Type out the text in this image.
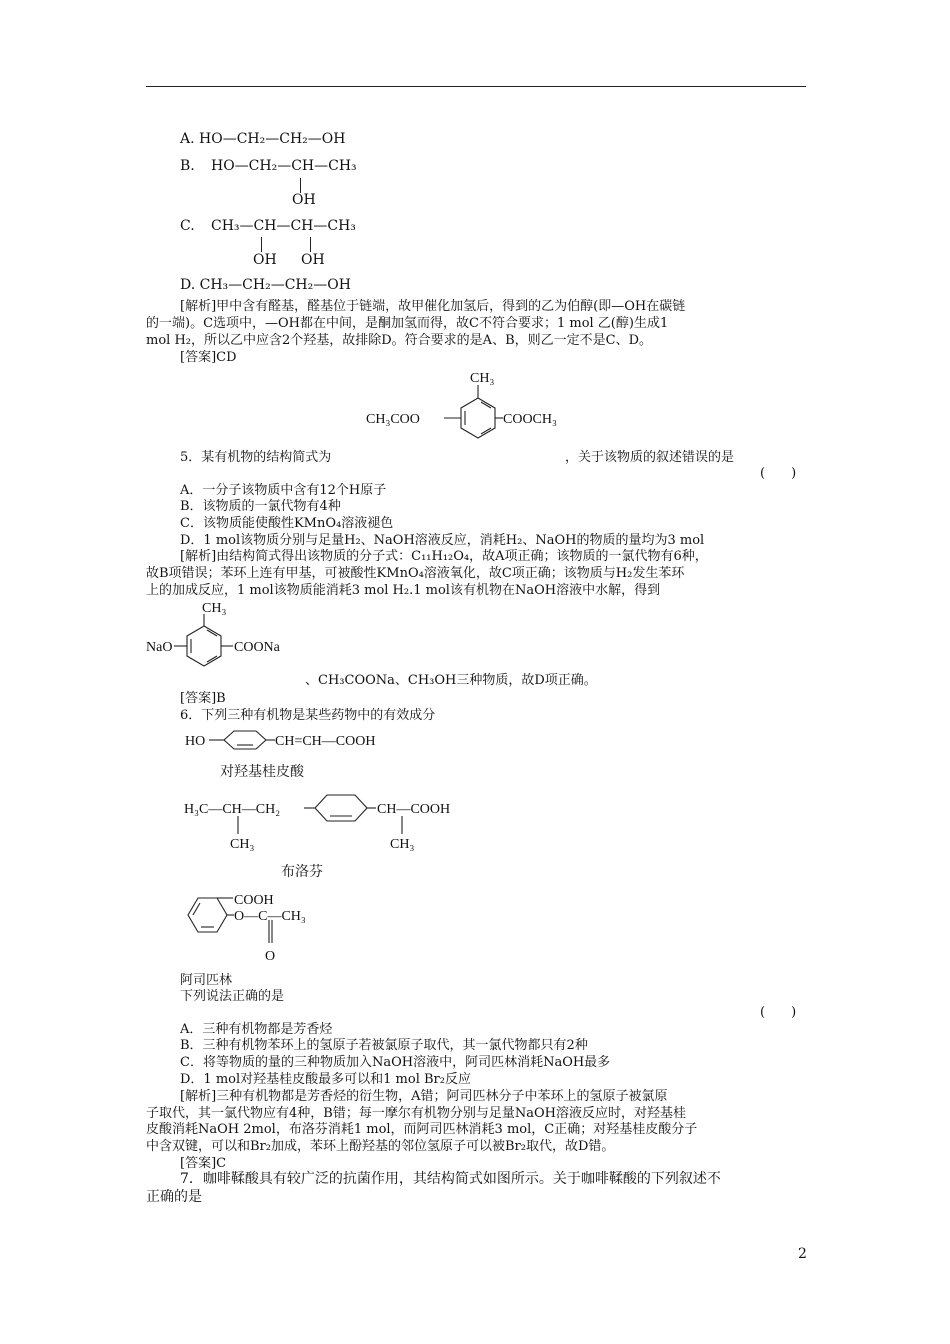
A. HO—CH₂—CH₂—OH
B. HO—CH₂—CH—CH₃
OH
C. CH₃—CH—CH—CH₃
OH OH
D. CH₃—CH₂—CH₂—OH
[解析]甲中含有醛基，醛基位于链端，故甲催化加氢后，得到的乙为伯醇(即—OH在碳链
的一端)。C选项中，—OH都在中间，是酮加氢而得，故C不符合要求；1 mol 乙(醇)生成1
mol H₂，所以乙中应含2个羟基，故排除D。符合要求的是A、B，则乙一定不是C、D。
[答案]CD
CH₃
CH₃COO	COOCH₃
5．某有机物的结构简式为	，关于该物质的叙述错误的是
(　　)
A．一分子该物质中含有12个H原子
B．该物质的一氯代物有4种
C．该物质能使酸性KMnO₄溶液褪色
D．1 mol该物质分别与足量H₂、NaOH溶液反应，消耗H₂、NaOH的物质的量均为3 mol
[解析]由结构简式得出该物质的分子式：C₁₁H₁₂O₄，故A项正确；该物质的一氯代物有6种，
故B项错误；苯环上连有甲基，可被酸性KMnO₄溶液氧化，故C项正确；该物质与H₂发生苯环
上的加成反应，1 mol该物质能消耗3 mol H₂.1 mol该有机物在NaOH溶液中水解，得到
CH₃
NaO	COONa
、CH₃COONa、CH₃OH三种物质，故D项正确。
[答案]B
6．下列三种有机物是某些药物中的有效成分
HO	CH=CH—COOH
对羟基桂皮酸
H₃C—CH—CH₂
CH₃
CH—COOH
CH₃
布洛芬
COOH
O—C—CH₃
O
阿司匹林
下列说法正确的是
(　　)
A．三种有机物都是芳香烃
B．三种有机物苯环上的氢原子若被氯原子取代，其一氯代物都只有2种
C．将等物质的量的三种物质加入NaOH溶液中，阿司匹林消耗NaOH最多
D．1 mol对羟基桂皮酸最多可以和1 mol Br₂反应
[解析]三种有机物都是芳香烃的衍生物，A错；阿司匹林分子中苯环上的氢原子被氯原
子取代，其一氯代物应有4种，B错；每一摩尔有机物分别与足量NaOH溶液反应时，对羟基桂
皮酸消耗NaOH 2mol，布洛芬消耗1 mol，而阿司匹林消耗3 mol，C正确；对羟基桂皮酸分子
中含双键，可以和Br₂加成，苯环上酚羟基的邻位氢原子可以被Br₂取代，故D错。
[答案]C
7．咖啡鞣酸具有较广泛的抗菌作用，其结构简式如图所示。关于咖啡鞣酸的下列叙述不
正确的是
2
